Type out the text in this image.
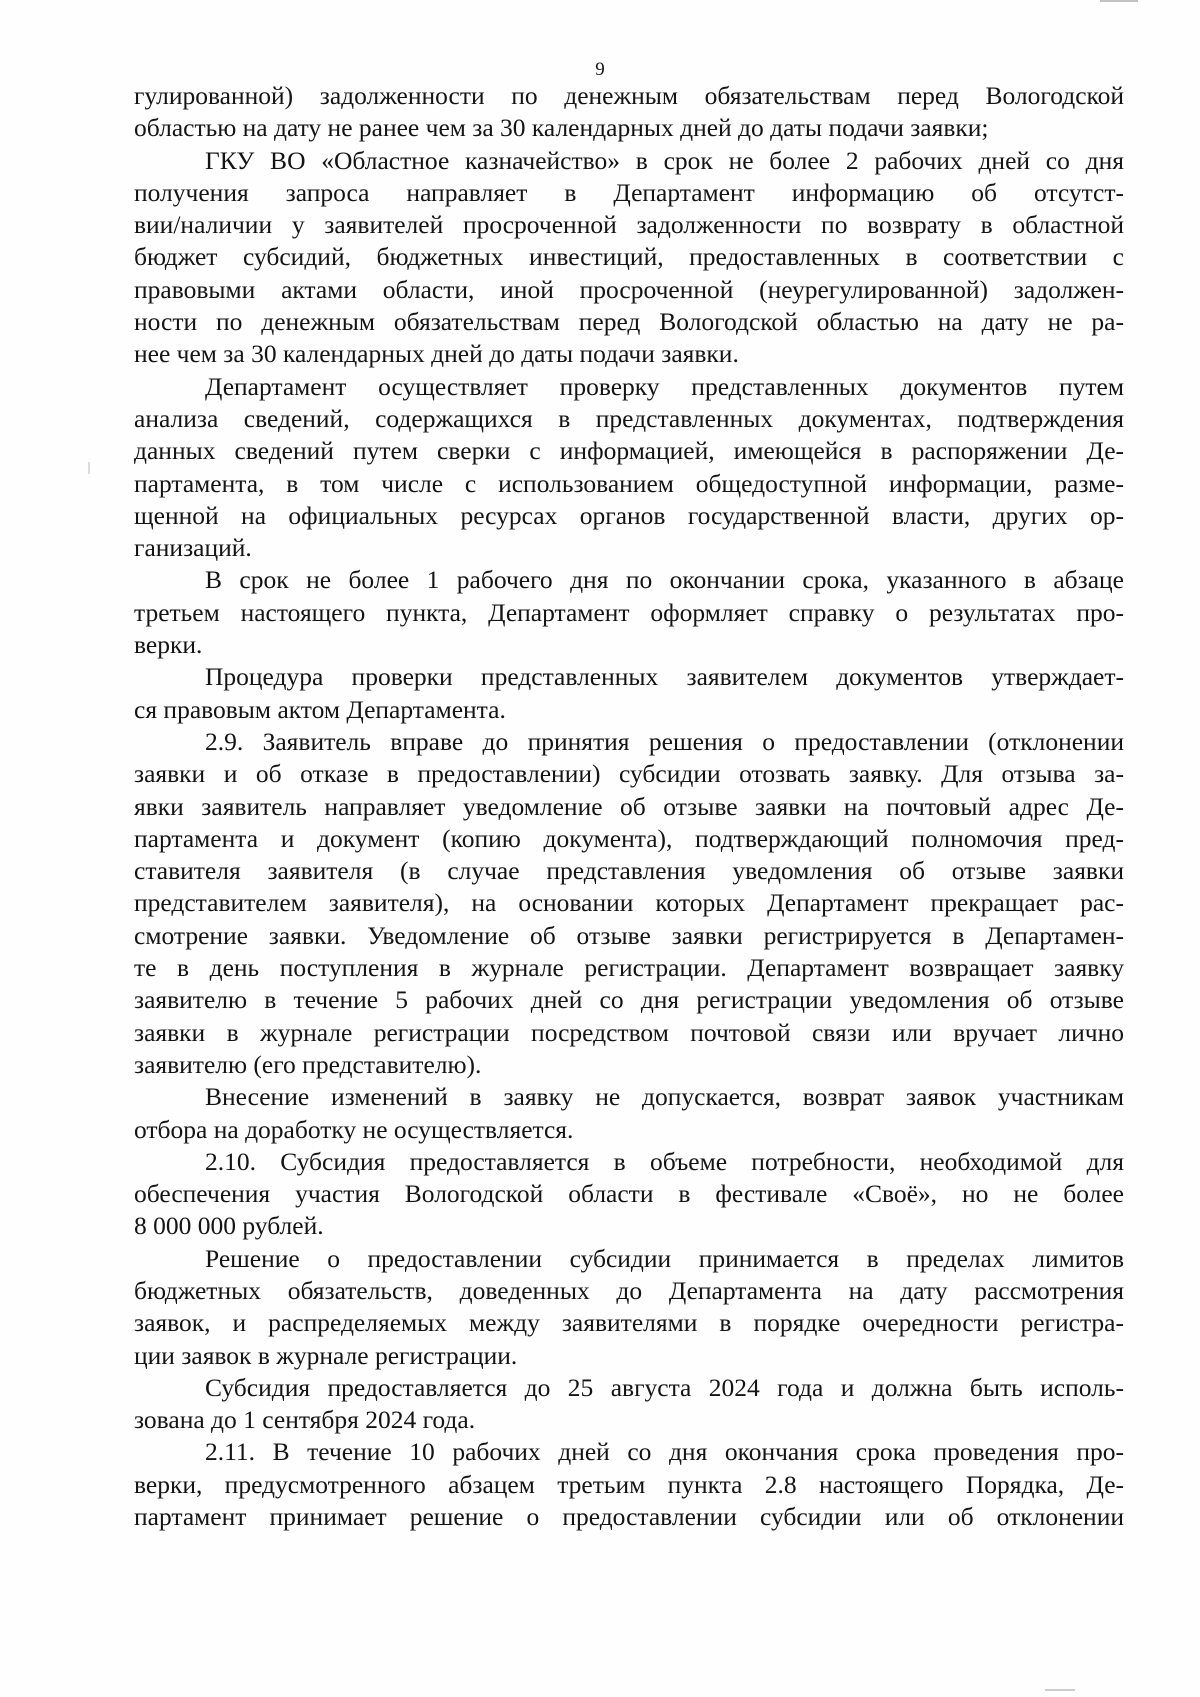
9
гулированной) задолженности по денежным обязательствам перед Вологодской
областью на дату не ранее чем за 30 календарных дней до даты подачи заявки;
ГКУ ВО «Областное казначейство» в срок не более 2 рабочих дней со дня
получения запроса направляет в Департамент информацию об отсутст-
вии/наличии у заявителей просроченной задолженности по возврату в областной
бюджет субсидий, бюджетных инвестиций, предоставленных в соответствии с
правовыми актами области, иной просроченной (неурегулированной) задолжен-
ности по денежным обязательствам перед Вологодской областью на дату не ра-
нее чем за 30 календарных дней до даты подачи заявки.
Департамент осуществляет проверку представленных документов путем
анализа сведений, содержащихся в представленных документах, подтверждения
данных сведений путем сверки с информацией, имеющейся в распоряжении Де-
партамента, в том числе с использованием общедоступной информации, разме-
щенной на официальных ресурсах органов государственной власти, других ор-
ганизаций.
В срок не более 1 рабочего дня по окончании срока, указанного в абзаце
третьем настоящего пункта, Департамент оформляет справку о результатах про-
верки.
Процедура проверки представленных заявителем документов утверждает-
ся правовым актом Департамента.
2.9. Заявитель вправе до принятия решения о предоставлении (отклонении
заявки и об отказе в предоставлении) субсидии отозвать заявку. Для отзыва за-
явки заявитель направляет уведомление об отзыве заявки на почтовый адрес Де-
партамента и документ (копию документа), подтверждающий полномочия пред-
ставителя заявителя (в случае представления уведомления об отзыве заявки
представителем заявителя), на основании которых Департамент прекращает рас-
смотрение заявки. Уведомление об отзыве заявки регистрируется в Департамен-
те в день поступления в журнале регистрации. Департамент возвращает заявку
заявителю в течение 5 рабочих дней со дня регистрации уведомления об отзыве
заявки в журнале регистрации посредством почтовой связи или вручает лично
заявителю (его представителю).
Внесение изменений в заявку не допускается, возврат заявок участникам
отбора на доработку не осуществляется.
2.10. Субсидия предоставляется в объеме потребности, необходимой для
обеспечения участия Вологодской области в фестивале «Своё», но не более
8 000 000 рублей.
Решение о предоставлении субсидии принимается в пределах лимитов
бюджетных обязательств, доведенных до Департамента на дату рассмотрения
заявок, и распределяемых между заявителями в порядке очередности регистра-
ции заявок в журнале регистрации.
Субсидия предоставляется до 25 августа 2024 года и должна быть исполь-
зована до 1 сентября 2024 года.
2.11. В течение 10 рабочих дней со дня окончания срока проведения про-
верки, предусмотренного абзацем третьим пункта 2.8 настоящего Порядка, Де-
партамент принимает решение о предоставлении субсидии или об отклонении
